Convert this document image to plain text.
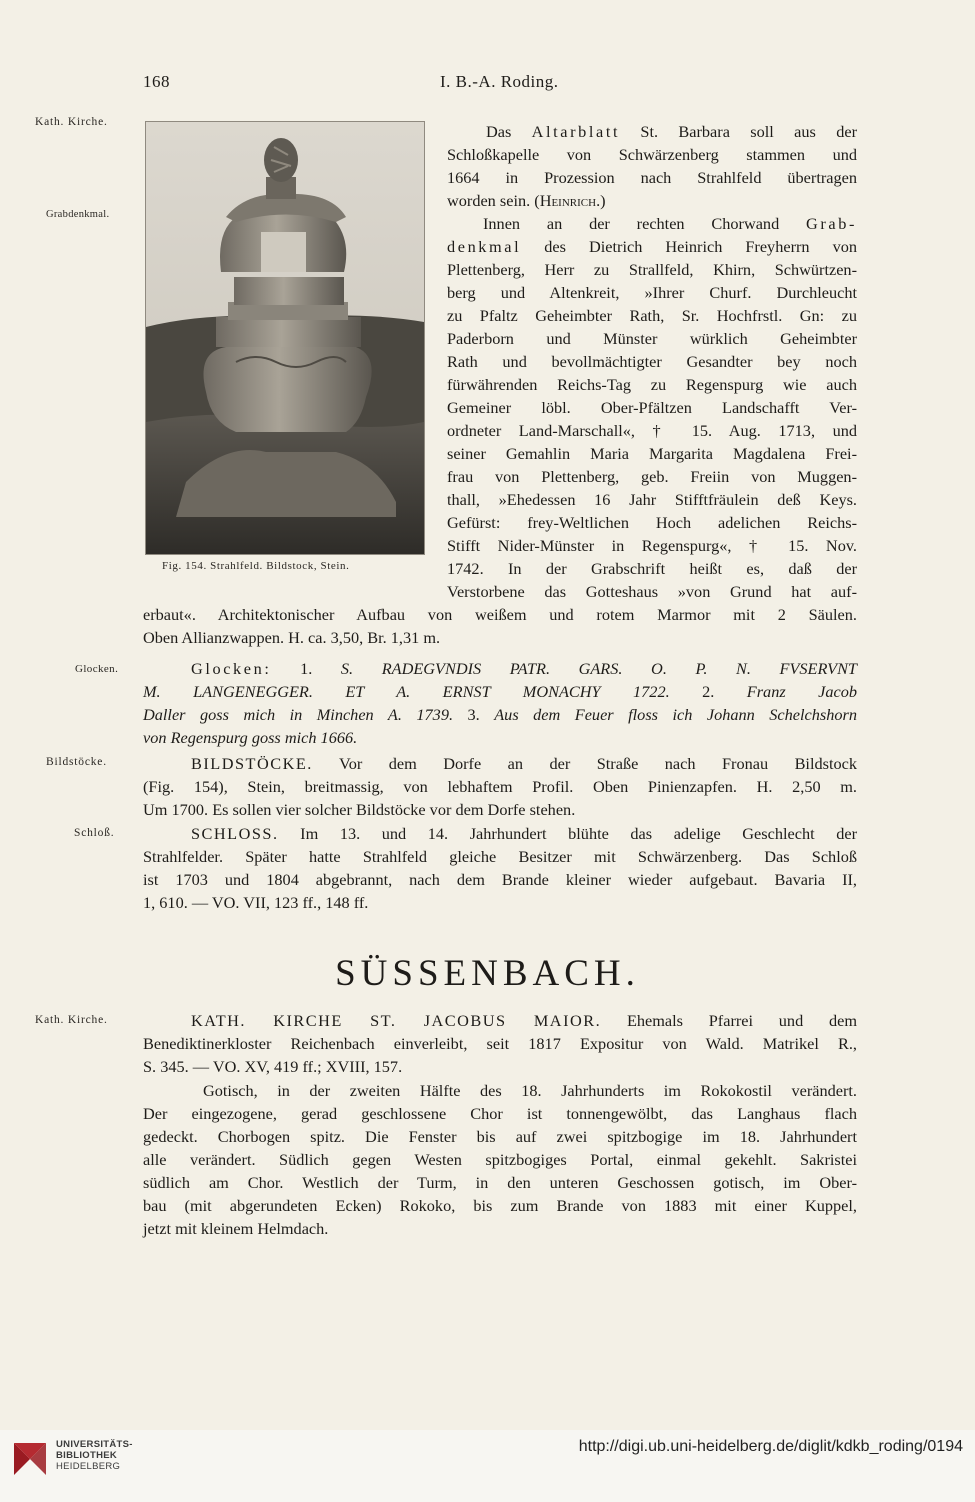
168	I. B.-A. Roding.
Kath. Kirche.
Grabdenkmal.
Glocken.
Bildstöcke.
Schloß.
Kath. Kirche.
Fig. 154. Strahlfeld. Bildstock, Stein.
Das Altarblatt St. Barbara soll aus der
Schloßkapelle von Schwärzenberg stammen und
1664 in Prozession nach Strahlfeld übertragen
worden sein. (Heinrich.)
Innen an der rechten Chorwand Grab-
denkmal des Dietrich Heinrich Freyherrn von
Plettenberg, Herr zu Strallfeld, Khirn, Schwürtzen-
berg und Altenkreit, »Ihrer Churf. Durchleucht
zu Pfaltz Geheimbter Rath, Sr. Hochfrstl. Gn: zu
Paderborn und Münster würklich Geheimbter
Rath und bevollmächtigter Gesandter bey noch
fürwährenden Reichs-Tag zu Regenspurg wie auch
Gemeiner löbl. Ober-Pfältzen Landschafft Ver-
ordneter Land-Marschall«, † 15. Aug. 1713, und
seiner Gemahlin Maria Margarita Magdalena Frei-
frau von Plettenberg, geb. Freiin von Muggen-
thall, »Ehedessen 16 Jahr Stifftfräulein deß Keys.
Gefürst: frey-Weltlichen Hoch adelichen Reichs-
Stifft Nider-Münster in Regenspurg«, † 15. Nov.
1742. In der Grabschrift heißt es, daß der
Verstorbene das Gotteshaus »von Grund hat auf-
erbaut«. Architektonischer Aufbau von weißem und rotem Marmor mit 2 Säulen.
Oben Allianzwappen. H. ca. 3,50, Br. 1,31 m.
Glocken: 1. S. RADEGVNDIS PATR. GARS. O. P. N. FVSERVNT
M. LANGENEGGER. ET A. ERNST MONACHY 1722. 2. Franz Jacob
Daller goss mich in Minchen A. 1739. 3. Aus dem Feuer floss ich Johann Schelchshorn
von Regenspurg goss mich 1666.
BILDSTÖCKE. Vor dem Dorfe an der Straße nach Fronau Bildstock
(Fig. 154), Stein, breitmassig, von lebhaftem Profil. Oben Pinienzapfen. H. 2,50 m.
Um 1700. Es sollen vier solcher Bildstöcke vor dem Dorfe stehen.
SCHLOSS. Im 13. und 14. Jahrhundert blühte das adelige Geschlecht der
Strahlfelder. Später hatte Strahlfeld gleiche Besitzer mit Schwärzenberg. Das Schloß
ist 1703 und 1804 abgebrannt, nach dem Brande kleiner wieder aufgebaut. Bavaria II,
1, 610. — VO. VII, 123 ff., 148 ff.
SÜSSENBACH.
KATH. KIRCHE ST. JACOBUS MAIOR. Ehemals Pfarrei und dem
Benediktinerkloster Reichenbach einverleibt, seit 1817 Expositur von Wald. Matrikel R.,
S. 345. — VO. XV, 419 ff.; XVIII, 157.
Gotisch, in der zweiten Hälfte des 18. Jahrhunderts im Rokokostil verändert.
Der eingezogene, gerad geschlossene Chor ist tonnengewölbt, das Langhaus flach
gedeckt. Chorbogen spitz. Die Fenster bis auf zwei spitzbogige im 18. Jahrhundert
alle verändert. Südlich gegen Westen spitzbogiges Portal, einmal gekehlt. Sakristei
südlich am Chor. Westlich der Turm, in den unteren Geschossen gotisch, im Ober-
bau (mit abgerundeten Ecken) Rokoko, bis zum Brande von 1883 mit einer Kuppel,
jetzt mit kleinem Helmdach.
UNIVERSITÄTS-
BIBLIOTHEK
HEIDELBERG
http://digi.ub.uni-heidelberg.de/diglit/kdkb_roding/0194
